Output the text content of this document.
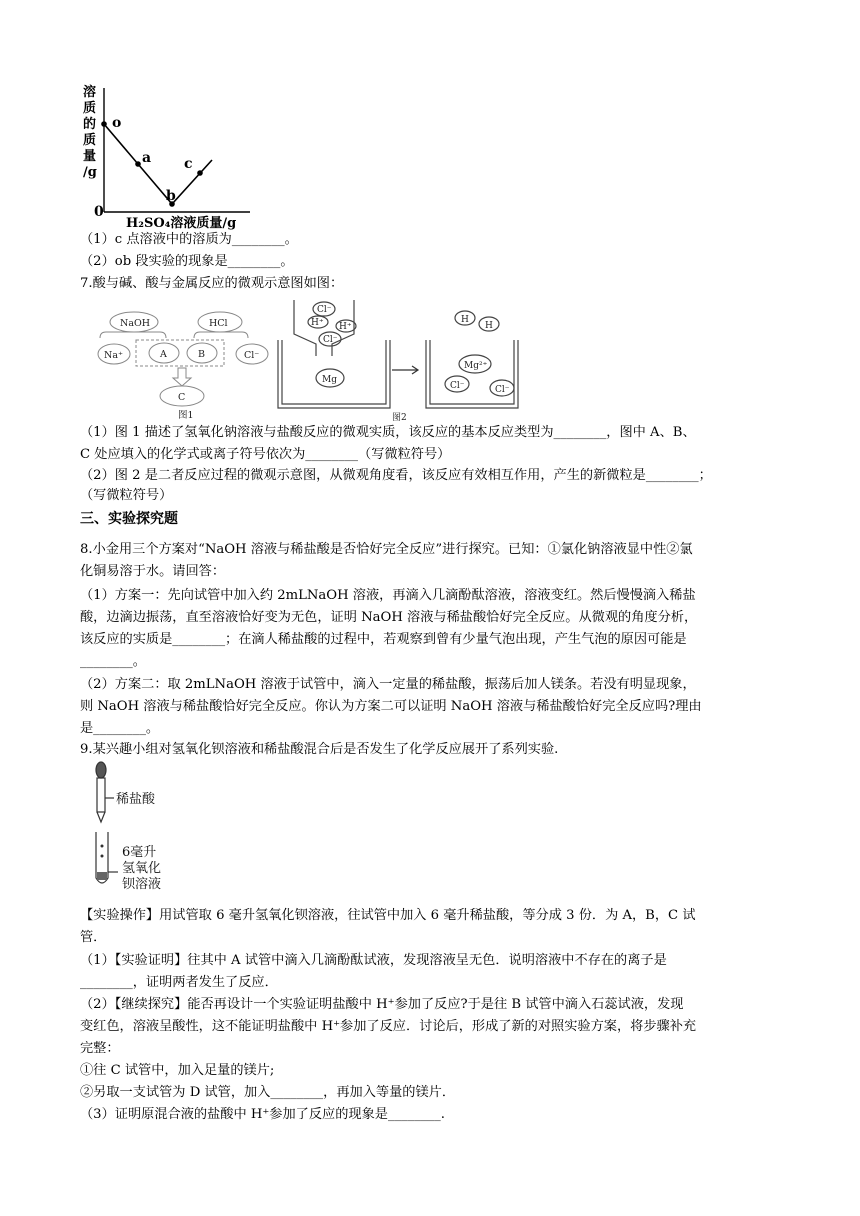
溶
质
的
质
量
/g
o
a
b
c
0
H₂SO₄溶液质量/g
（1）c 点溶液中的溶质为________。
（2）ob 段实验的现象是________。
7.酸与碱、酸与金属反应的微观示意图如图：
NaOH	HCl
Na⁺	A	B	Cl⁻
C
图1
Cl⁻
H⁺ H⁺
Cl⁻
Mg
H
H
Mg²⁺
Cl⁻	Cl⁻
图2
（1）图 1 描述了氢氧化钠溶液与盐酸反应的微观实质，该反应的基本反应类型为________，图中 A、B、
C 处应填入的化学式或离子符号依次为________（写微粒符号）
（2）图 2 是二者反应过程的微观示意图，从微观角度看，该反应有效相互作用，产生的新微粒是________；
（写微粒符号）
三、实验探究题
8.小金用三个方案对“NaOH 溶液与稀盐酸是否恰好完全反应”进行探究。已知：①氯化钠溶液显中性②氯
化铜易溶于水。请回答：
（1）方案一：先向试管中加入约 2mLNaOH 溶液，再滴入几滴酚酞溶液，溶液变红。然后慢慢滴入稀盐
酸，边滴边振荡，直至溶液恰好变为无色，证明 NaOH 溶液与稀盐酸恰好完全反应。从微观的角度分析，
该反应的实质是________；在滴人稀盐酸的过程中，若观察到曾有少量气泡出现，产生气泡的原因可能是
________。
（2）方案二：取 2mLNaOH 溶液于试管中，滴入一定量的稀盐酸，振荡后加人镁条。若没有明显现象，
则 NaOH 溶液与稀盐酸恰好完全反应。你认为方案二可以证明 NaOH 溶液与稀盐酸恰好完全反应吗?理由
是________。
9.某兴趣小组对氢氧化钡溶液和稀盐酸混合后是否发生了化学反应展开了系列实验.
稀盐酸
6毫升
氢氧化
钡溶液
【实验操作】用试管取 6 毫升氢氧化钡溶液，往试管中加入 6 毫升稀盐酸，等分成 3 份．为 A，B，C 试
管．
（1）【实验证明】往其中 A 试管中滴入几滴酚酞试液，发现溶液呈无色．说明溶液中不存在的离子是
________，证明两者发生了反应．
（2）【继续探究】能否再设计一个实验证明盐酸中 H⁺参加了反应?于是往 B 试管中滴入石蕊试液，发现
变红色，溶液呈酸性，这不能证明盐酸中 H⁺参加了反应．讨论后，形成了新的对照实验方案，将步骤补充
完整：
①往 C 试管中，加入足量的镁片;
②另取一支试管为 D 试管，加入________，再加入等量的镁片．
（3）证明原混合液的盐酸中 H⁺参加了反应的现象是________.
